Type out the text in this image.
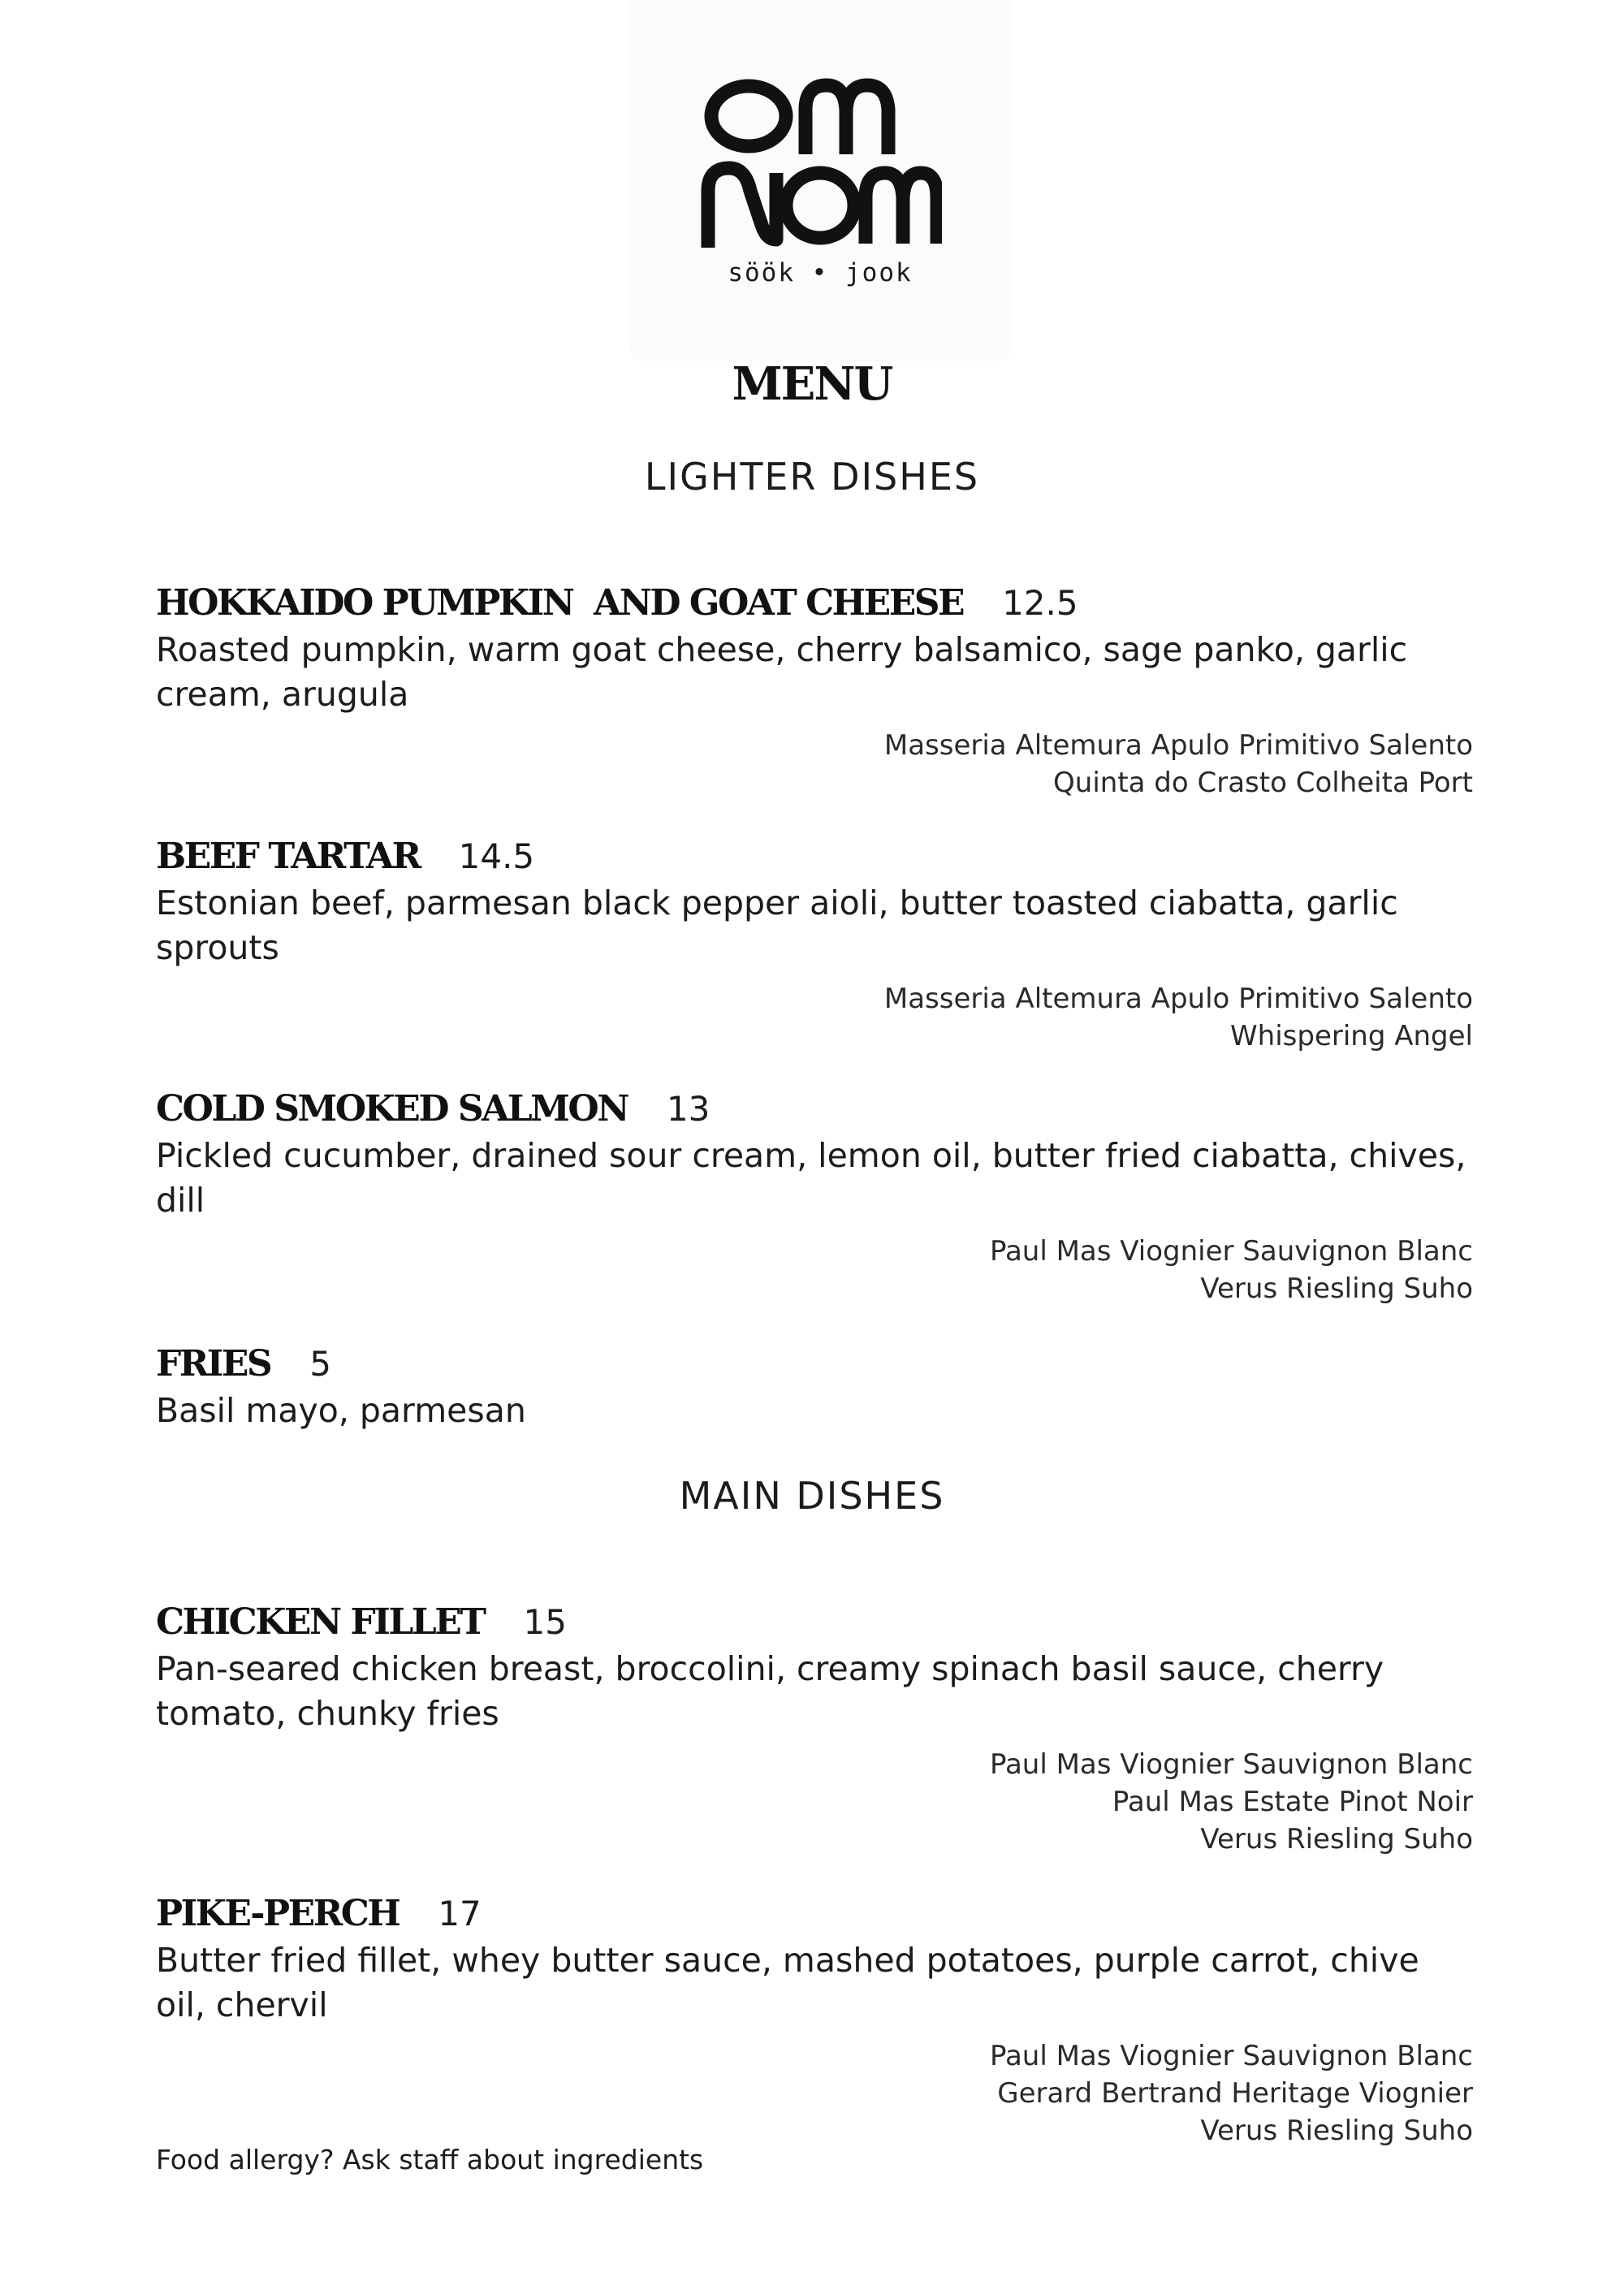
söök • jook
MENU
LIGHTER DISHES
HOKKAIDO PUMPKIN  AND GOAT CHEESE 12.5
Roasted pumpkin, warm goat cheese, cherry balsamico, sage panko, garlic cream, arugula
Masseria Altemura Apulo Primitivo Salento
Quinta do Crasto Colheita Port
BEEF TARTAR 14.5
Estonian beef, parmesan black pepper aioli, butter toasted ciabatta, garlic sprouts
Masseria Altemura Apulo Primitivo Salento
Whispering Angel
COLD SMOKED SALMON 13
Pickled cucumber, drained sour cream, lemon oil, butter fried ciabatta, chives, dill
Paul Mas Viognier Sauvignon Blanc
Verus Riesling Suho
FRIES 5
Basil mayo, parmesan
MAIN DISHES
CHICKEN FILLET 15
Pan-seared chicken breast, broccolini, creamy spinach basil sauce, cherry tomato, chunky fries
Paul Mas Viognier Sauvignon Blanc
Paul Mas Estate Pinot Noir
Verus Riesling Suho
PIKE-PERCH 17
Butter fried fillet, whey butter sauce, mashed potatoes, purple carrot, chive oil, chervil
Paul Mas Viognier Sauvignon Blanc
Gerard Bertrand Heritage Viognier
Verus Riesling Suho
Food allergy? Ask staff about ingredients
